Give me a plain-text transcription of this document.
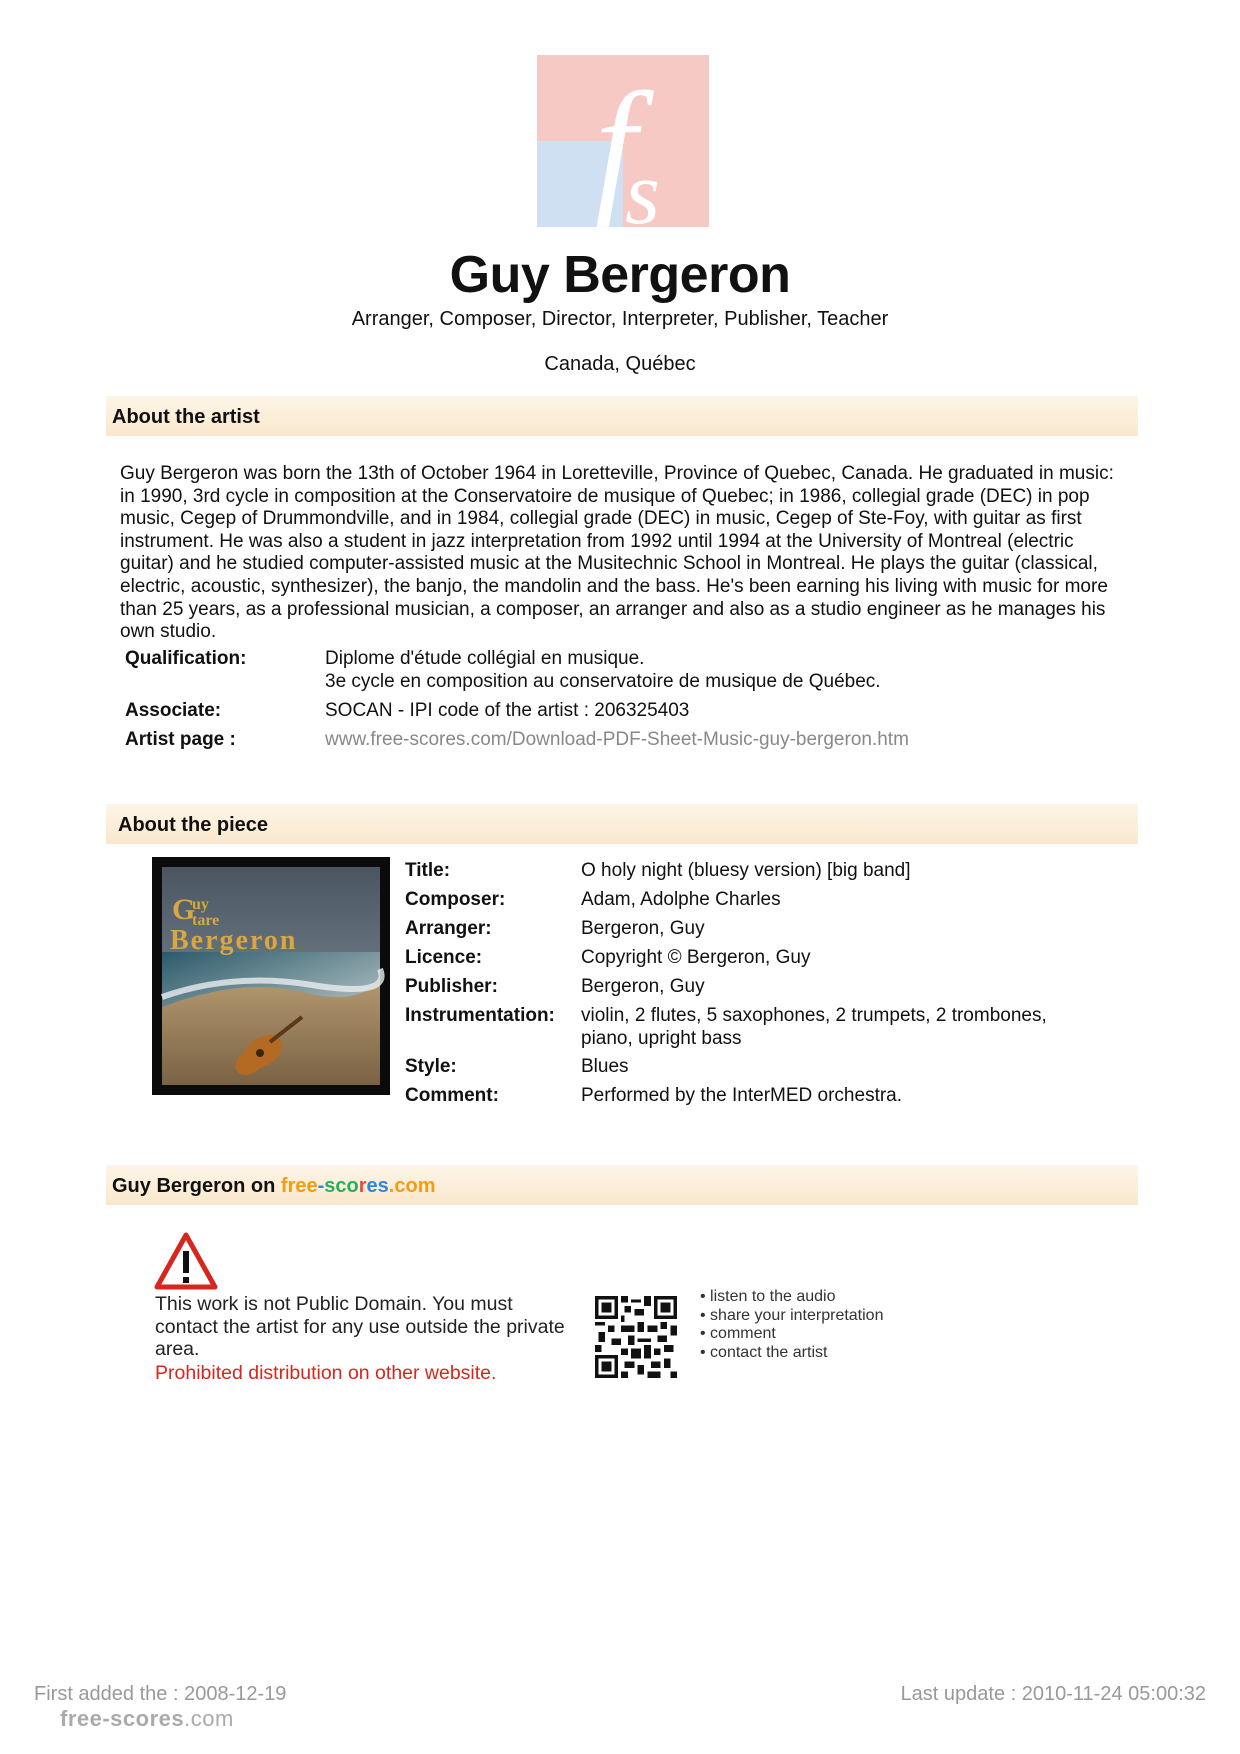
f
s
Guy Bergeron
Arranger, Composer, Director, Interpreter, Publisher, Teacher
Canada, Québec
About the artist
Guy Bergeron was born the 13th of October 1964 in Loretteville, Province of Quebec, Canada. He graduated in music: in 1990, 3rd cycle in composition at the Conservatoire de musique of Quebec; in 1986, collegial grade (DEC) in pop music, Cegep of Drummondville, and in 1984, collegial grade (DEC) in music, Cegep of Ste-Foy, with guitar as first instrument. He was also a student in jazz interpretation from 1992 until 1994 at the University of Montreal (electric guitar) and he studied computer-assisted music at the Musitechnic School in Montreal. He plays the guitar (classical, electric, acoustic, synthesizer), the banjo, the mandolin and the bass. He's been earning his living with music for more than 25 years, as a professional musician, a composer, an arranger and also as a studio engineer as he manages his own studio.
Qualification:	Diplome d'étude collégial en musique.
3e cycle en composition au conservatoire de musique de Québec.
Associate:	SOCAN - IPI code of the artist : 206325403
Artist page :	www.free-scores.com/Download-PDF-Sheet-Music-guy-bergeron.htm
About the piece
G
uy
tare
Bergeron
Title:	O holy night (bluesy version) [big band]
Composer:	Adam, Adolphe Charles
Arranger:	Bergeron, Guy
Licence:	Copyright © Bergeron, Guy
Publisher:	Bergeron, Guy
Instrumentation: violin, 2 flutes, 5 saxophones, 2 trumpets, 2 trombones,
piano, upright bass
Style:	Blues
Comment:	Performed by the InterMED orchestra.
Guy Bergeron on free-scores.com
This work is not Public Domain. You must contact the artist for any use outside the private area.
Prohibited distribution on other website.
• listen to the audio
• share your interpretation
• comment
• contact the artist
First added the : 2008-12-19	Last update : 2010-11-24 05:00:32
free-scores.com
